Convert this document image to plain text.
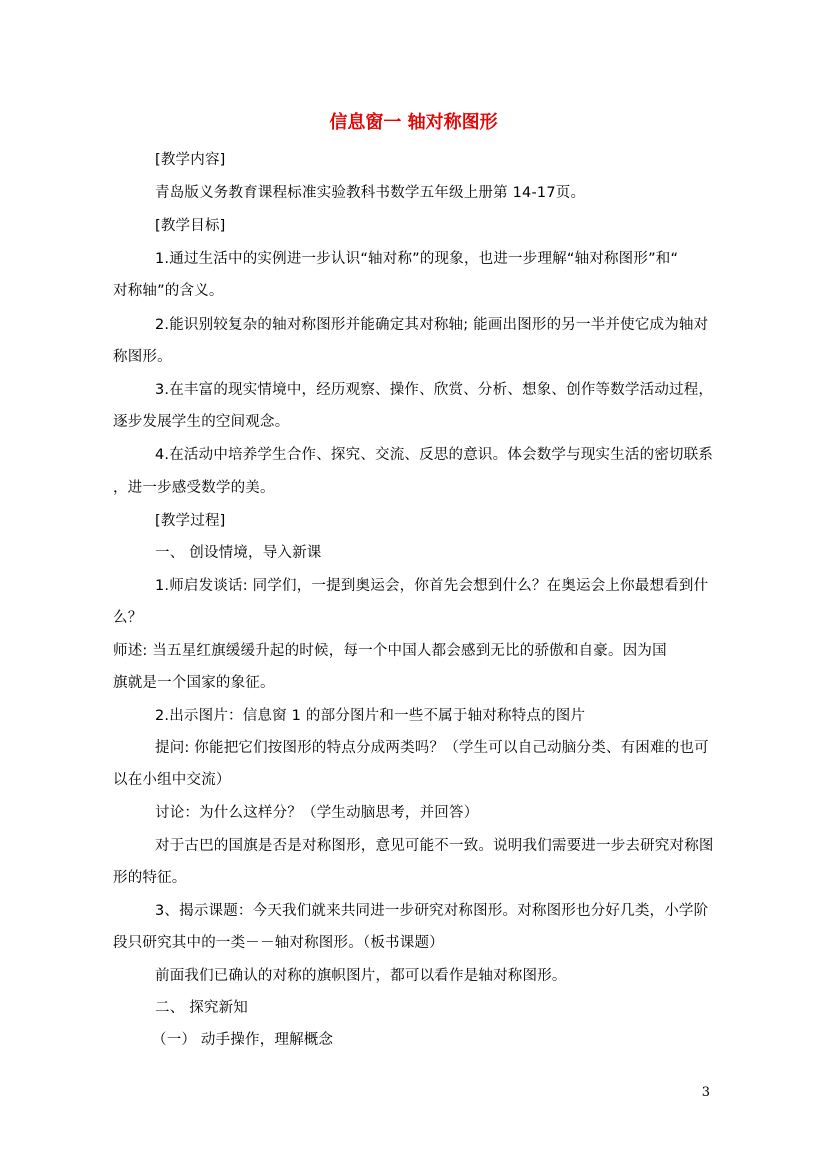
信息窗一 轴对称图形
[教学内容]
青岛版义务教育课程标准实验教科书数学五年级上册第 14-17页。
[教学目标]
1.通过生活中的实例进一步认识“轴对称”的现象，也进一步理解“轴对称图形”和“
对称轴”的含义。
2.能识别较复杂的轴对称图形并能确定其对称轴; 能画出图形的另一半并使它成为轴对
称图形。
3.在丰富的现实情境中，经历观察、操作、欣赏、分析、想象、创作等数学活动过程，
逐步发展学生的空间观念。
4.在活动中培养学生合作、探究、交流、反思的意识。体会数学与现实生活的密切联系
，进一步感受数学的美。
[教学过程]
一、 创设情境，导入新课
1.师启发谈话: 同学们，一提到奥运会，你首先会想到什么？在奥运会上你最想看到什
么？
师述: 当五星红旗缓缓升起的时候，每一个中国人都会感到无比的骄傲和自豪。因为国
旗就是一个国家的象征。
2.出示图片：信息窗 1 的部分图片和一些不属于轴对称特点的图片
提问: 你能把它们按图形的特点分成两类吗？（学生可以自己动脑分类、有困难的也可
以在小组中交流）
讨论：为什么这样分？（学生动脑思考，并回答）
对于古巴的国旗是否是对称图形，意见可能不一致。说明我们需要进一步去研究对称图
形的特征。
3、揭示课题：今天我们就来共同进一步研究对称图形。对称图形也分好几类，小学阶
段只研究其中的一类－－轴对称图形。（板书课题）
前面我们已确认的对称的旗帜图片，都可以看作是轴对称图形。
二、 探究新知
（一） 动手操作，理解概念
3
